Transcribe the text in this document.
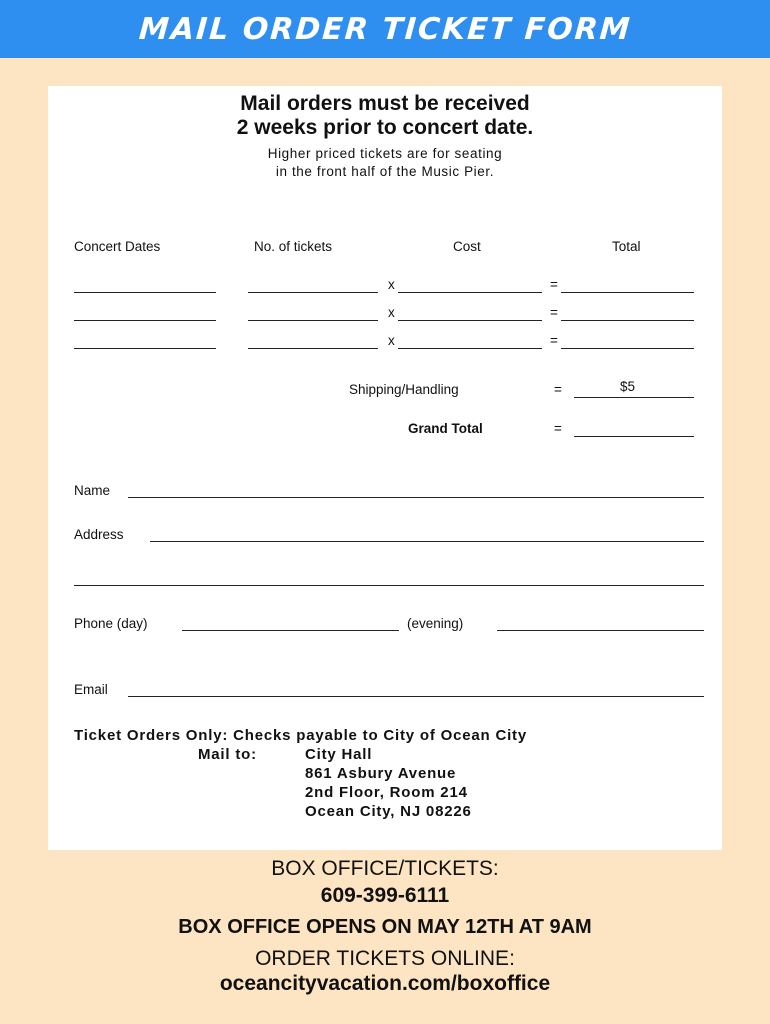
MAIL ORDER TICKET FORM
Mail orders must be received
2 weeks prior to concert date.
Higher priced tickets are for seating
in the front half of the Music Pier.
Concert Dates	No. of tickets	Cost	Total
x	=
x	=
x	=
Shipping/Handling	=	$5
Grand Total	=
Name
Address
Phone (day)	(evening)
Email
Ticket Orders Only: Checks payable to City of Ocean City
Mail to:	City Hall
861 Asbury Avenue
2nd Floor, Room 214
Ocean City, NJ 08226
BOX OFFICE/TICKETS:
609-399-6111
BOX OFFICE OPENS ON MAY 12TH AT 9AM
ORDER TICKETS ONLINE:
oceancityvacation.com/boxoffice
